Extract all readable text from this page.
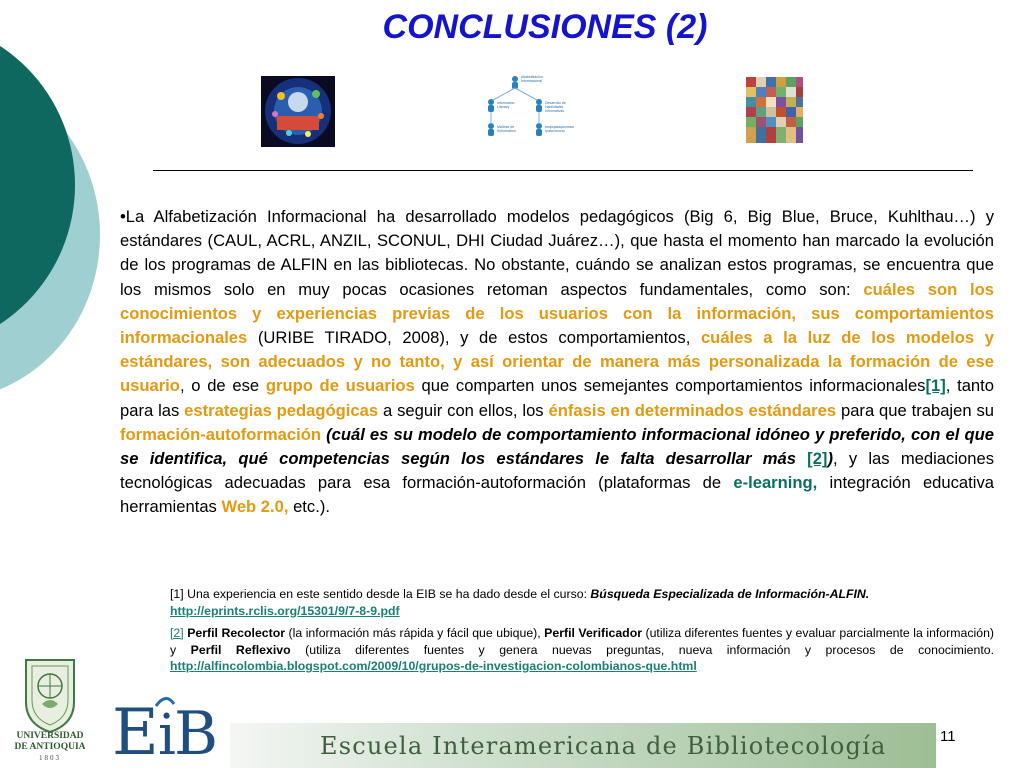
CONCLUSIONES (2)
Alfabetización Informacional
Information Literacy
Desarrollo de Habilidades Informativas
Maîtrise de l'information
информационная грамотность
•La Alfabetización Informacional ha desarrollado modelos pedagógicos (Big 6, Big Blue, Bruce, Kuhlthau…) y estándares (CAUL, ACRL, ANZIL, SCONUL, DHI Ciudad Juárez…), que hasta el momento han marcado la evolución de los programas de ALFIN en las bibliotecas. No obstante, cuándo se analizan estos programas, se encuentra que los mismos solo en muy pocas ocasiones retoman aspectos fundamentales, como son: cuáles son los conocimientos y experiencias previas de los usuarios con la información, sus comportamientos informacionales (URIBE TIRADO, 2008), y de estos comportamientos, cuáles a la luz de los modelos y estándares, son adecuados y no tanto, y así orientar de manera más personalizada la formación de ese usuario, o de ese grupo de usuarios que comparten unos semejantes comportamientos informacionales[1], tanto para las estrategias pedagógicas a seguir con ellos, los énfasis en determinados estándares para que trabajen su formación-autoformación (cuál es su modelo de comportamiento informacional idóneo y preferido, con el que se identifica, qué competencias según los estándares le falta desarrollar más [2]), y las mediaciones tecnológicas adecuadas para esa formación-autoformación (plataformas de e-learning, integración educativa herramientas Web 2.0, etc.).
[1] Una experiencia en este sentido desde la EIB se ha dado desde el curso: Búsqueda Especializada de Información-ALFIN.
http://eprints.rclis.org/15301/9/7-8-9.pdf
[2] Perfil Recolector (la información más rápida y fácil que ubique), Perfil Verificador (utiliza diferentes fuentes y evaluar parcialmente la información) y Perfil Reflexivo (utiliza diferentes fuentes y genera nuevas preguntas, nueva información y procesos de conocimiento. http://alfincolombia.blogspot.com/2009/10/grupos-de-investigacion-colombianos-que.html
UNIVERSIDAD
DE ANTIOQUIA
1803 E i
B	Escuela Interamericana de Bibliotecología	11
